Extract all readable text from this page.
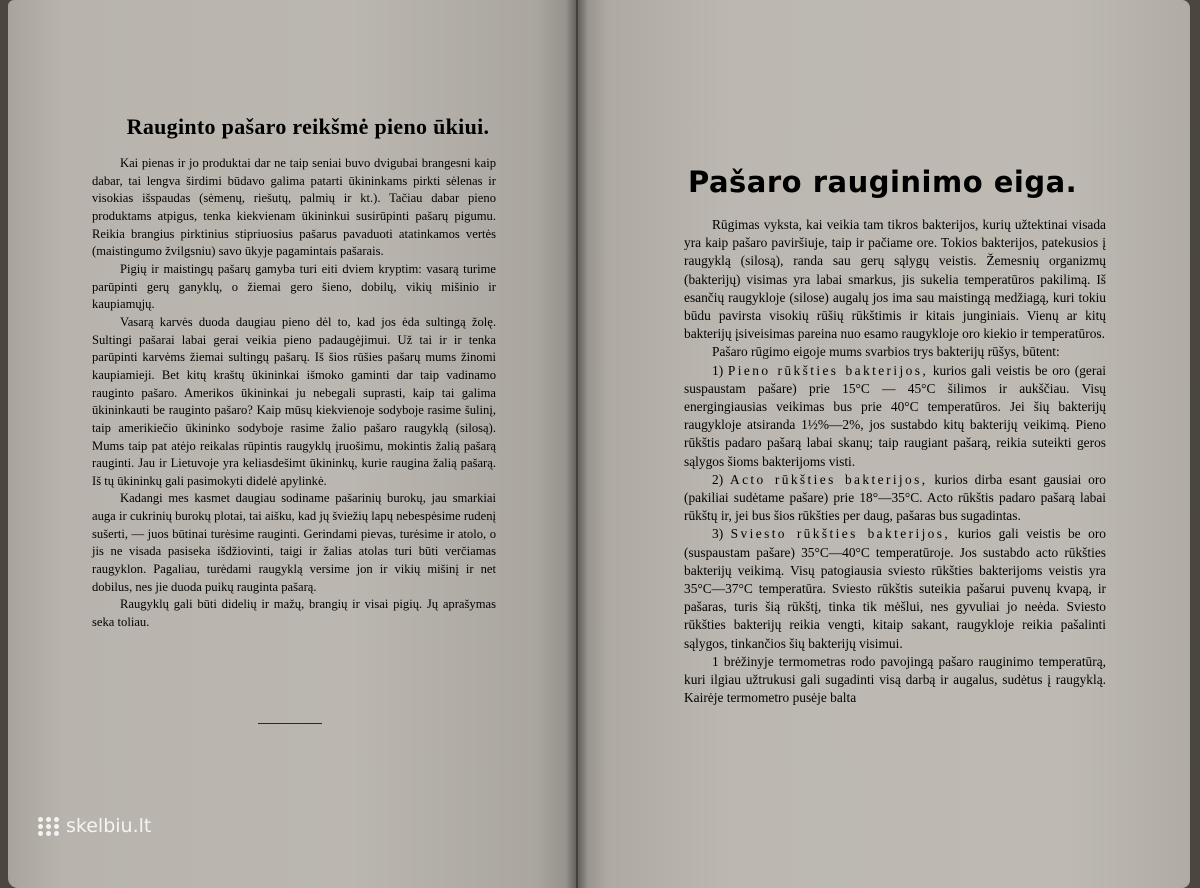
Rauginto pašaro reikšmė pieno ūkiui.
Kai pienas ir jo produktai dar ne taip seniai buvo dvigubai brangesni kaip dabar, tai lengva širdimi būdavo galima patarti ūkininkams pirkti sėlenas ir visokias išspaudas (sėmenų, riešutų, palmių ir kt.). Tačiau dabar pieno produktams atpigus, tenka kiekvienam ūkininkui susirūpinti pašarų pigumu. Reikia brangius pirktinius stipriuosius pašarus pavaduoti atatinkamos vertės (maistingumo žvilgsniu) savo ūkyje pagamintais pašarais.
Pigių ir maistingų pašarų gamyba turi eiti dviem kryptim: vasarą turime parūpinti gerų ganyklų, o žiemai gero šieno, dobilų, vikių mišinio ir kaupiamųjų.
Vasarą karvės duoda daugiau pieno dėl to, kad jos ėda sultingą žolę. Sultingi pašarai labai gerai veikia pieno padaugėjimui. Už tai ir ir tenka parūpinti karvėms žiemai sultingų pašarų. Iš šios rūšies pašarų mums žinomi kaupiamieji. Bet kitų kraštų ūkininkai išmoko gaminti dar taip vadinamo rauginto pašaro. Amerikos ūkininkai ju nebegali suprasti, kaip tai galima ūkininkauti be rauginto pašaro? Kaip mūsų kiekvienoje sodyboje rasime šulinį, taip amerikiečio ūkininko sodyboje rasime žalio pašaro raugyklą (silosą). Mums taip pat atėjo reikalas rūpintis raugyklų įruošimu, mokintis žalią pašarą rauginti. Jau ir Lietuvoje yra keliasdešimt ūkininkų, kurie raugina žalią pašarą. Iš tų ūkininkų gali pasimokyti didelė apylinkė.
Kadangi mes kasmet daugiau sodiname pašarinių burokų, jau smarkiai auga ir cukrinių burokų plotai, tai aišku, kad jų šviežių lapų nebespėsime rudenį sušerti, — juos būtinai turėsime rauginti. Gerindami pievas, turėsime ir atolo, o jis ne visada pasiseka išdžiovinti, taigi ir žalias atolas turi būti verčiamas raugyklon. Pagaliau, turėdami raugyklą versime jon ir vikių mišinį ir net dobilus, nes jie duoda puikų rauginta pašarą.
Raugyklų gali būti didelių ir mažų, brangių ir visai pigių. Jų aprašymas seka toliau.
Pašaro rauginimo eiga.
Rūgimas vyksta, kai veikia tam tikros bakterijos, kurių užtektinai visada yra kaip pašaro paviršiuje, taip ir pačiame ore. Tokios bakterijos, patekusios į raugyklą (silosą), randa sau gerų sąlygų veistis. Žemesnių organizmų (bakterijų) visimas yra labai smarkus, jis sukelia temperatūros pakilimą. Iš esančių raugykloje (silose) augalų jos ima sau maistingą medžiagą, kuri tokiu būdu pavirsta visokių rūšių rūkštimis ir kitais junginiais. Vienų ar kitų bakterijų įsiveisimas pareina nuo esamo raugykloje oro kiekio ir temperatūros.
Pašaro rūgimo eigoje mums svarbios trys bakterijų rūšys, būtent:
1) Pieno rūkšties bakterijos, kurios gali veistis be oro (gerai suspaustam pašare) prie 15°C — 45°C šilimos ir aukščiau. Visų energingiausias veikimas bus prie 40°C temperatūros. Jei šių bakterijų raugykloje atsiranda 1½%—2%, jos sustabdo kitų bakterijų veikimą. Pieno rūkštis padaro pašarą labai skanų; taip raugiant pašarą, reikia suteikti geros sąlygos šioms bakterijoms visti.
2) Acto rūkšties bakterijos, kurios dirba esant gausiai oro (pakiliai sudėtame pašare) prie 18°—35°C. Acto rūkštis padaro pašarą labai rūkštų ir, jei bus šios rūkšties per daug, pašaras bus sugadintas.
3) Sviesto rūkšties bakterijos, kurios gali veistis be oro (suspaustam pašare) 35°C—40°C temperatūroje. Jos sustabdo acto rūkšties bakterijų veikimą. Visų patogiausia sviesto rūkšties bakterijoms veistis yra 35°C—37°C temperatūra. Sviesto rūkštis suteikia pašarui puvenų kvapą, ir pašaras, turis šią rūkštį, tinka tik mėšlui, nes gyvuliai jo neėda. Sviesto rūkšties bakterijų reikia vengti, kitaip sakant, raugykloje reikia pašalinti sąlygos, tinkančios šių bakterijų visimui.
1 brėžinyje termometras rodo pavojingą pašaro rauginimo temperatūrą, kuri ilgiau užtrukusi gali sugadinti visą darbą ir augalus, sudėtus į raugyklą. Kairėje termometro pusėje balta
skelbiu.lt
